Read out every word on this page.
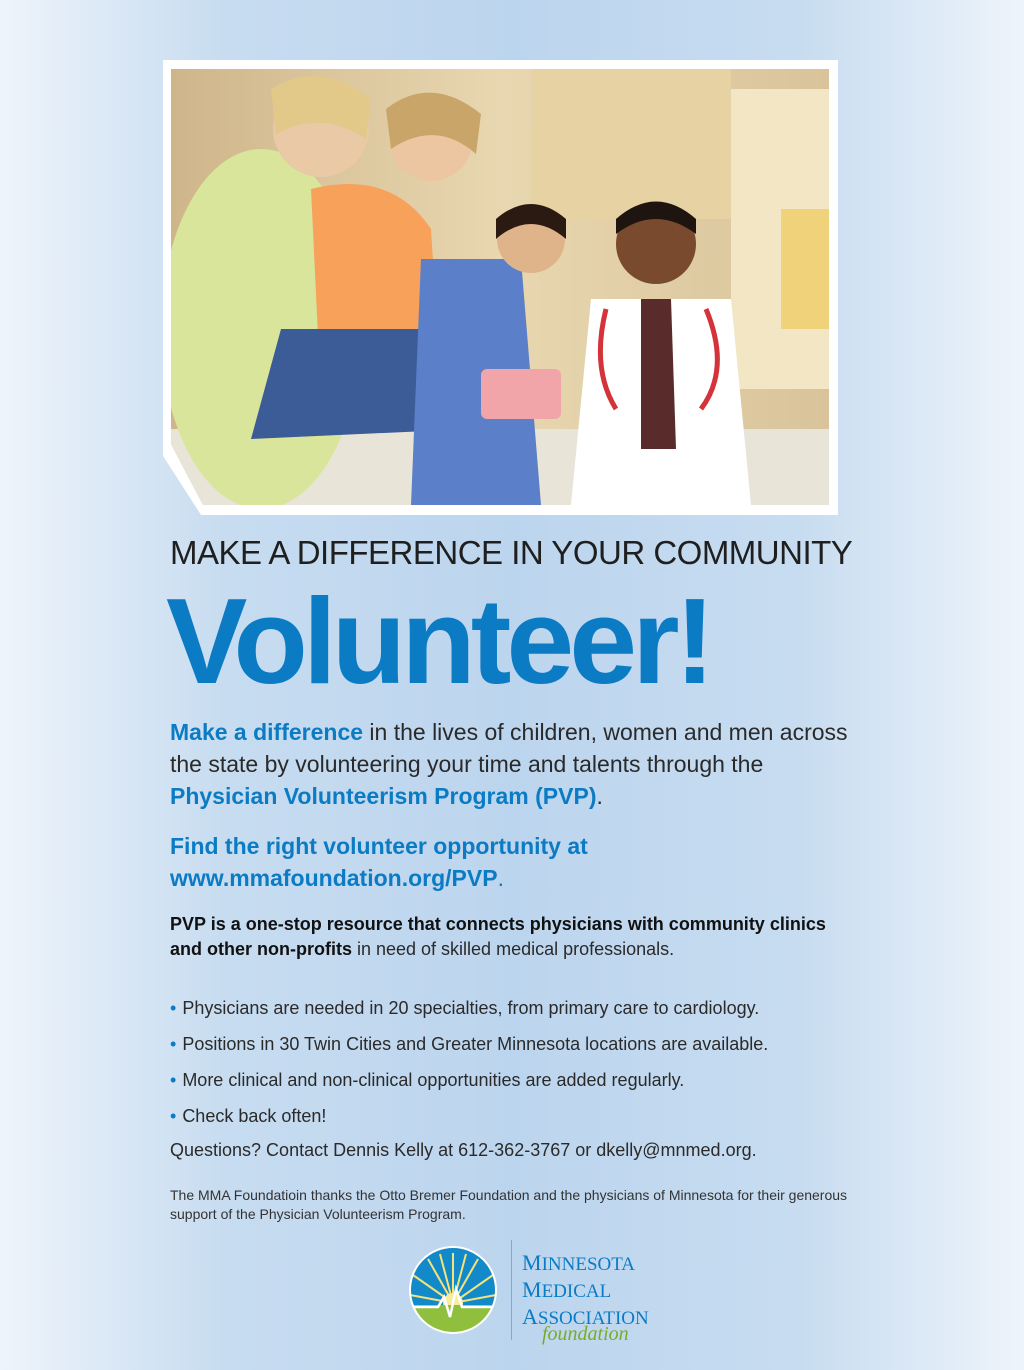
MAKE A DIFFERENCE IN YOUR COMMUNITY
Volunteer!
Make a difference in the lives of children, women and men across the state by volunteering your time and talents through the Physician Volunteerism Program (PVP).
Find the right volunteer opportunity at
www.mmafoundation.org/PVP.
PVP is a one-stop resource that connects physicians with community clinics and other non-profits in need of skilled medical professionals.
• Physicians are needed in 20 specialties, from primary care to cardiology.
• Positions in 30 Twin Cities and Greater Minnesota locations are available.
• More clinical and non-clinical opportunities are added regularly.
• Check back often!
Questions? Contact Dennis Kelly at 612-362-3767 or dkelly@mnmed.org.
The MMA Foundatioin thanks the Otto Bremer Foundation and the physicians of Minnesota for their generous support of the Physician Volunteerism Program.
MINNESOTA
MEDICAL
ASSOCIATION
foundation
